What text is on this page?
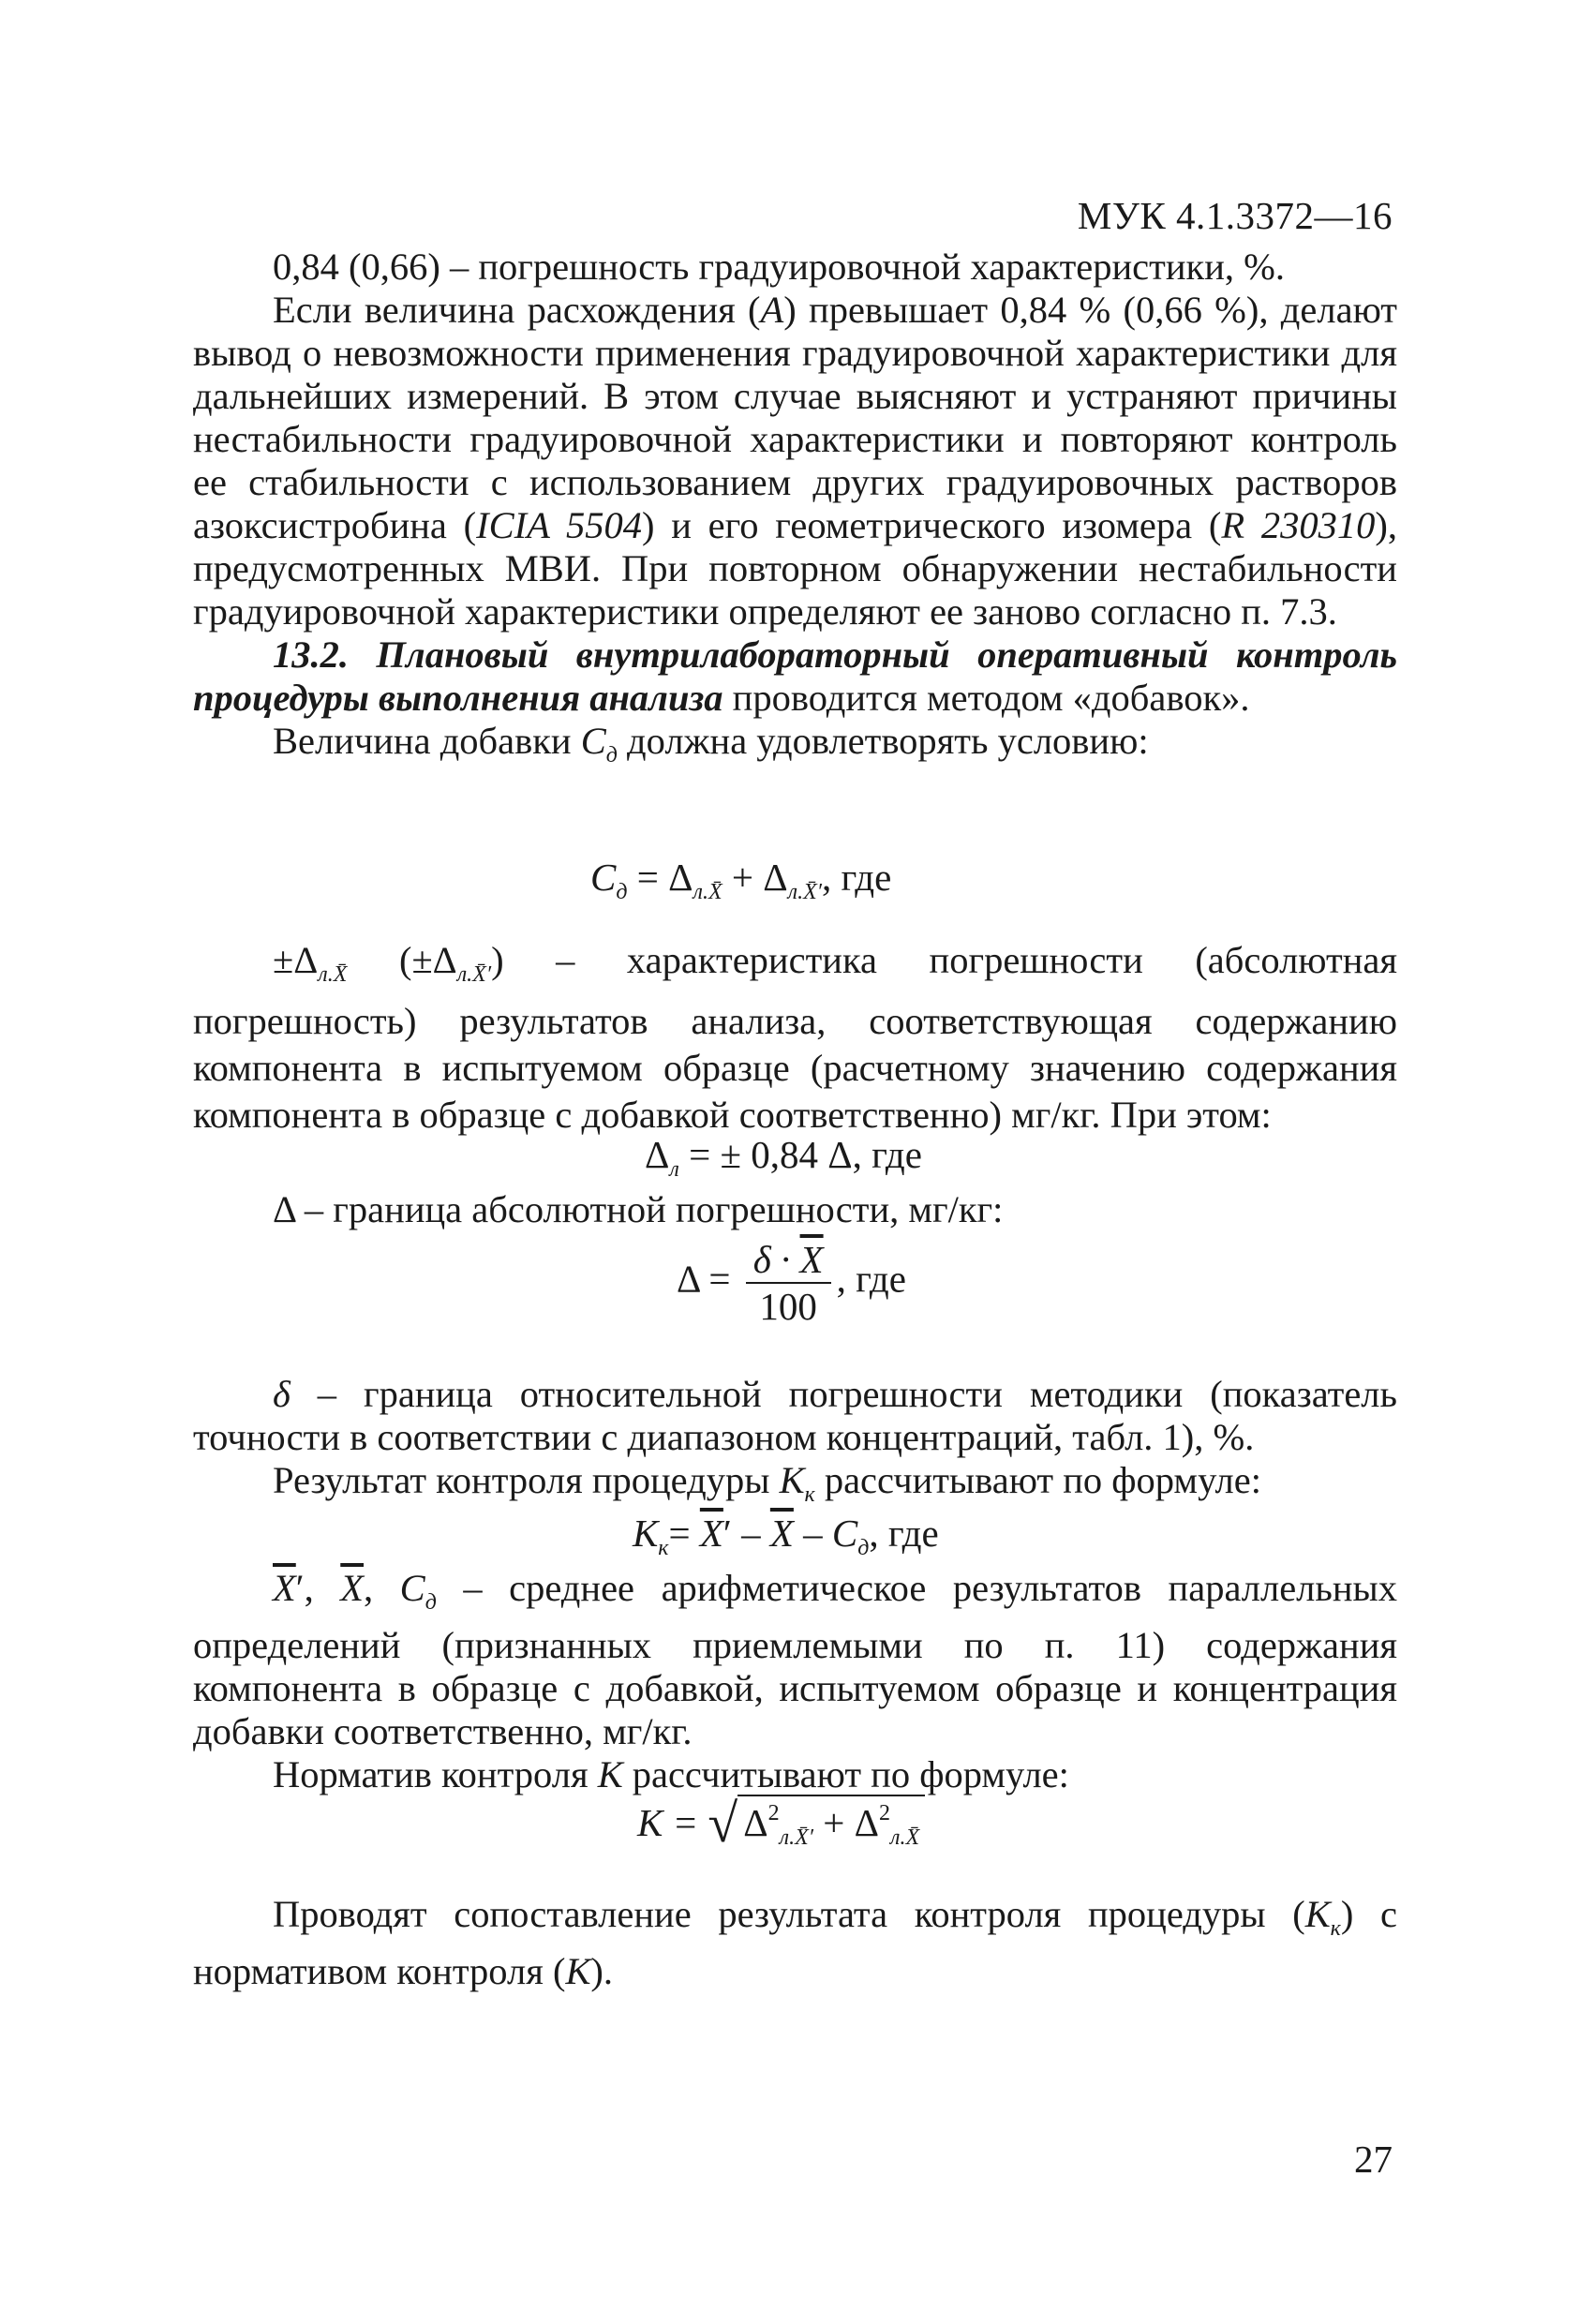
МУК 4.1.3372—16

0,84 (0,66) – погрешность градуировочной характеристики, %.

Если величина расхождения (А) превышает 0,84 % (0,66 %), делают вывод о невозможности применения градуировочной характеристики для дальнейших измерений. В этом случае выясняют и устраняют причины нестабильности градуировочной характеристики и повторяют контроль ее стабильности с использованием других градуировочных растворов азоксистробина (ICIA 5504) и его геометрического изомера (R 230310), предусмотренных МВИ. При повторном обнаружении нестабильности градуировочной характеристики определяют ее заново согласно п. 7.3.

13.2. Плановый внутрилабораторный оперативный контроль процедуры выполнения анализа проводится методом «добавок».

Величина добавки $С_д$ должна удовлетворять условию:

$С_д = \Delta_{л.X̄} + \Delta_{л.X̄'}$, где

$\pm\Delta_{л.X̄}$ $(\pm\Delta_{л.X̄'})$ – характеристика погрешности (абсолютная погрешность) результатов анализа, соответствующая содержанию компонента в испытуемом образце (расчетному значению содержания компонента в образце с добавкой соответственно) мг/кг. При этом:

$\Delta_л$ = ± 0,84 Δ, где

Δ – граница абсолютной погрешности, мг/кг:

$\Delta = \frac{\delta \cdot \overline{X}}{100}$ , где

δ – граница относительной погрешности методики (показатель точности в соответствии с диапазоном концентраций, табл. 1), %.

Результат контроля процедуры $К_к$ рассчитывают по формуле:

$К_к= \overline{X}' - \overline{X} - С_д$, где

$\overline{X}'$, $\overline{X}$, $С_д$ – среднее арифметическое результатов параллельных определений (признанных приемлемыми по п. 11) содержания компонента в образце с добавкой, испытуемом образце и концентрация добавки соответственно, мг/кг.

Норматив контроля К рассчитывают по формуле:

К = √ $\Delta^2_{л.X̄'} + \Delta^2_{л.X̄}$

Проводят сопоставление результата контроля процедуры $(К_к)$ с нормативом контроля (К).

27
